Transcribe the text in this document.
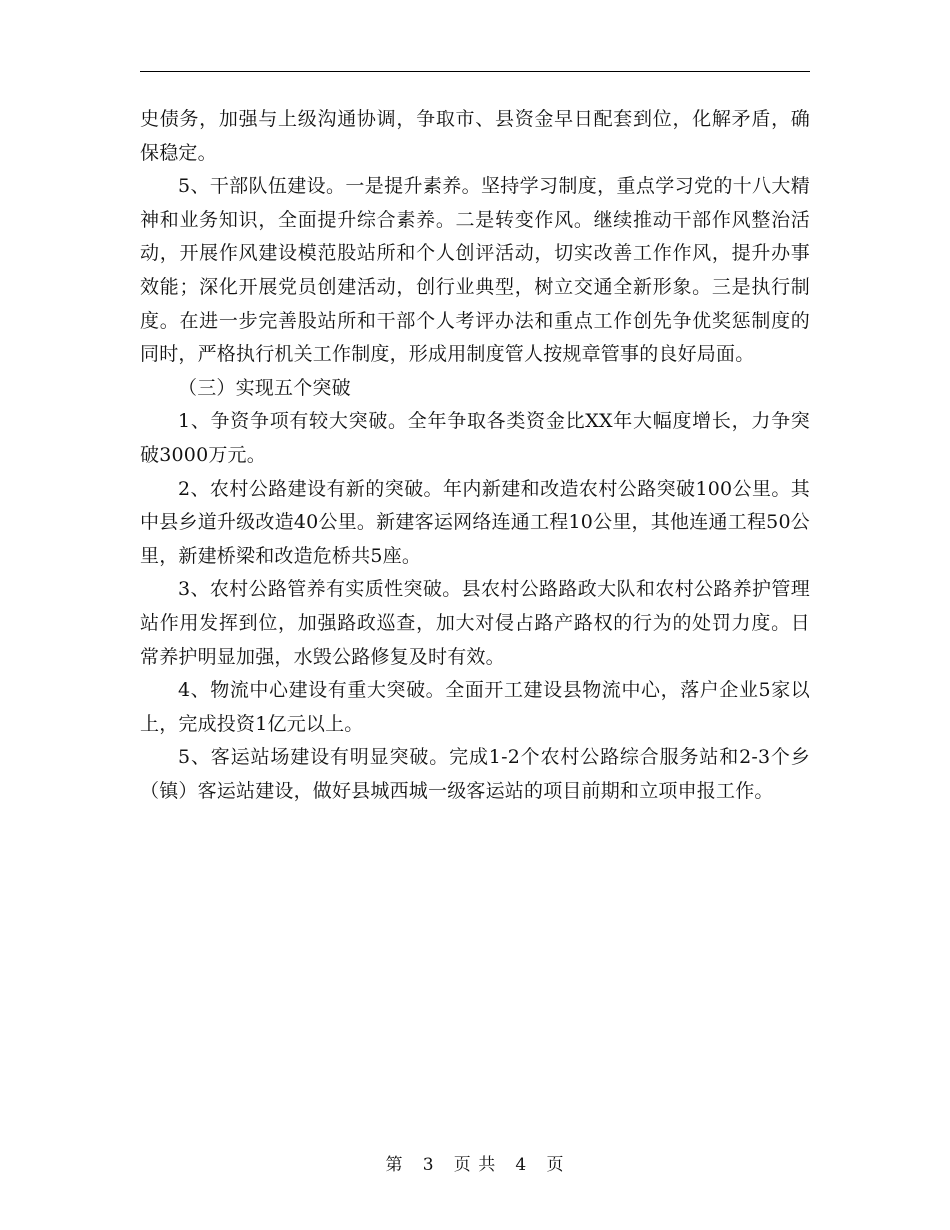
史债务，加强与上级沟通协调，争取市、县资金早日配套到位，化解矛盾，确保稳定。

5、干部队伍建设。一是提升素养。坚持学习制度，重点学习党的十八大精神和业务知识，全面提升综合素养。二是转变作风。继续推动干部作风整治活动，开展作风建设模范股站所和个人创评活动，切实改善工作作风，提升办事效能；深化开展党员创建活动，创行业典型，树立交通全新形象。三是执行制度。在进一步完善股站所和干部个人考评办法和重点工作创先争优奖惩制度的同时，严格执行机关工作制度，形成用制度管人按规章管事的良好局面。

（三）实现五个突破

1、争资争项有较大突破。全年争取各类资金比XX年大幅度增长，力争突破3000万元。

2、农村公路建设有新的突破。年内新建和改造农村公路突破100公里。其中县乡道升级改造40公里。新建客运网络连通工程10公里，其他连通工程50公里，新建桥梁和改造危桥共5座。

3、农村公路管养有实质性突破。县农村公路路政大队和农村公路养护管理站作用发挥到位，加强路政巡查，加大对侵占路产路权的行为的处罚力度。日常养护明显加强，水毁公路修复及时有效。

4、物流中心建设有重大突破。全面开工建设县物流中心，落户企业5家以上，完成投资1亿元以上。

5、客运站场建设有明显突破。完成1-2个农村公路综合服务站和2-3个乡（镇）客运站建设，做好县城西城一级客运站的项目前期和立项申报工作。

第 3 页 共 4 页
